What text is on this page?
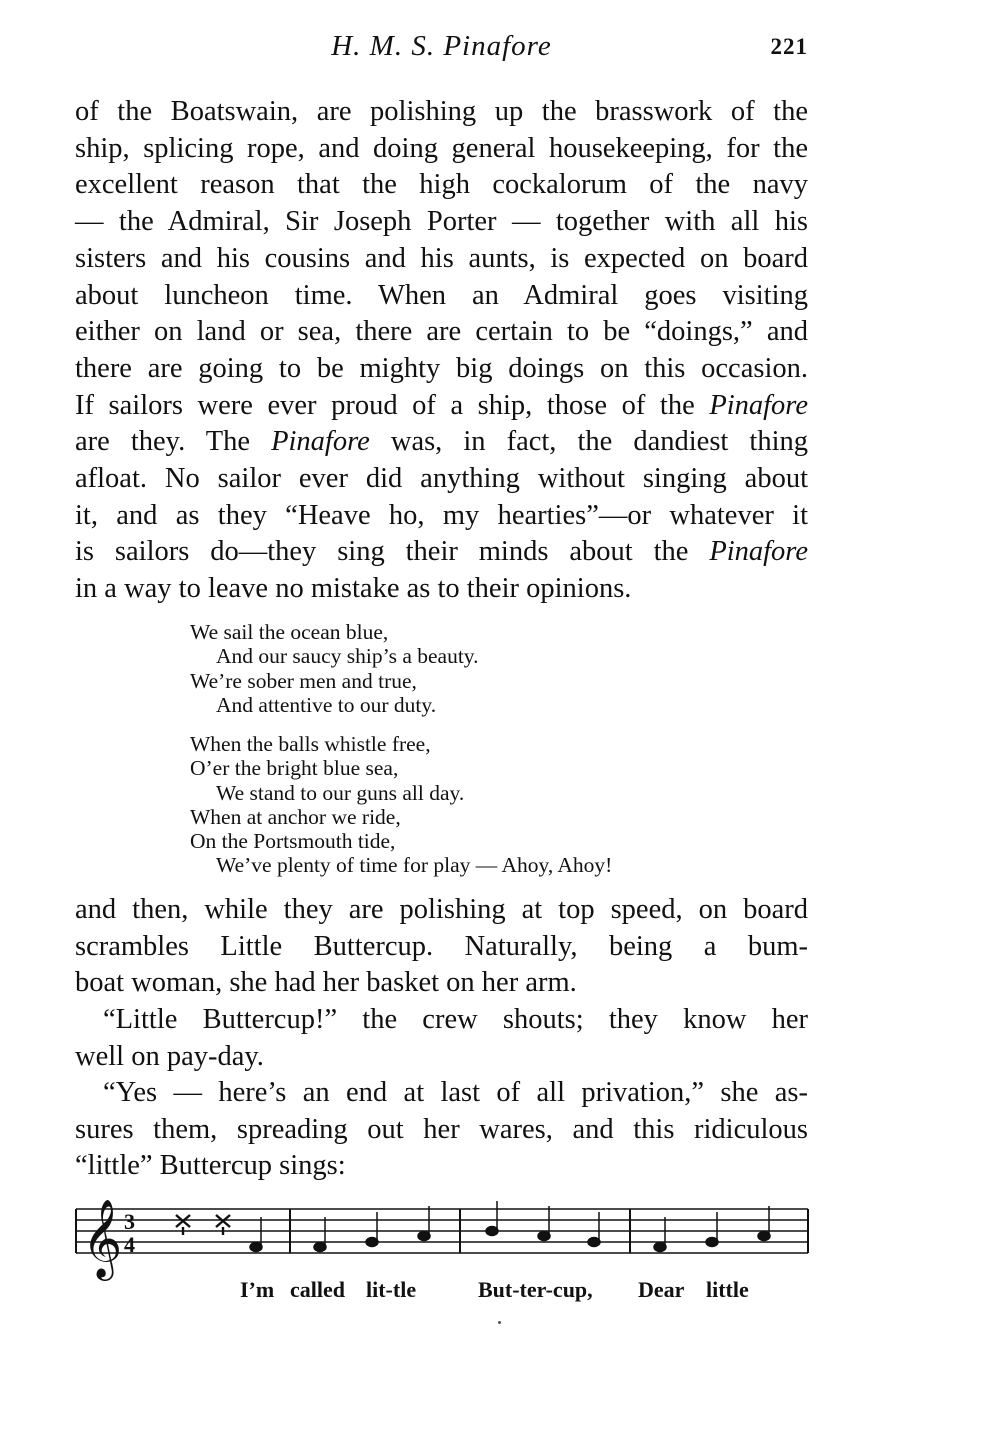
H. M. S. Pinafore	221
of the Boatswain, are polishing up the brasswork of the
ship, splicing rope, and doing general housekeeping, for the
excellent reason that the high cockalorum of the navy
— the Admiral, Sir Joseph Porter — together with all his
sisters and his cousins and his aunts, is expected on board
about luncheon time. When an Admiral goes visiting
either on land or sea, there are certain to be “doings,” and
there are going to be mighty big doings on this occasion.
If sailors were ever proud of a ship, those of the Pinafore
are they. The Pinafore was, in fact, the dandiest thing
afloat. No sailor ever did anything without singing about
it, and as they “Heave ho, my hearties”—or whatever it
is sailors do—they sing their minds about the Pinafore
in a way to leave no mistake as to their opinions.
We sail the ocean blue,
And our saucy ship’s a beauty.
We’re sober men and true,
And attentive to our duty.
When the balls whistle free,
O’er the bright blue sea,
We stand to our guns all day.
When at anchor we ride,
On the Portsmouth tide,
We’ve plenty of time for play — Ahoy, Ahoy!
and then, while they are polishing at top speed, on board
scrambles Little Buttercup. Naturally, being a bum-
boat woman, she had her basket on her arm.
“Little Buttercup!” the crew shouts; they know her
well on pay-day.
“Yes — here’s an end at last of all privation,” she as-
sures them, spreading out her wares, and this ridiculous
“little” Buttercup sings:
𝄞 3
4
I’m called lit-tle	But-ter-cup, Dear little
